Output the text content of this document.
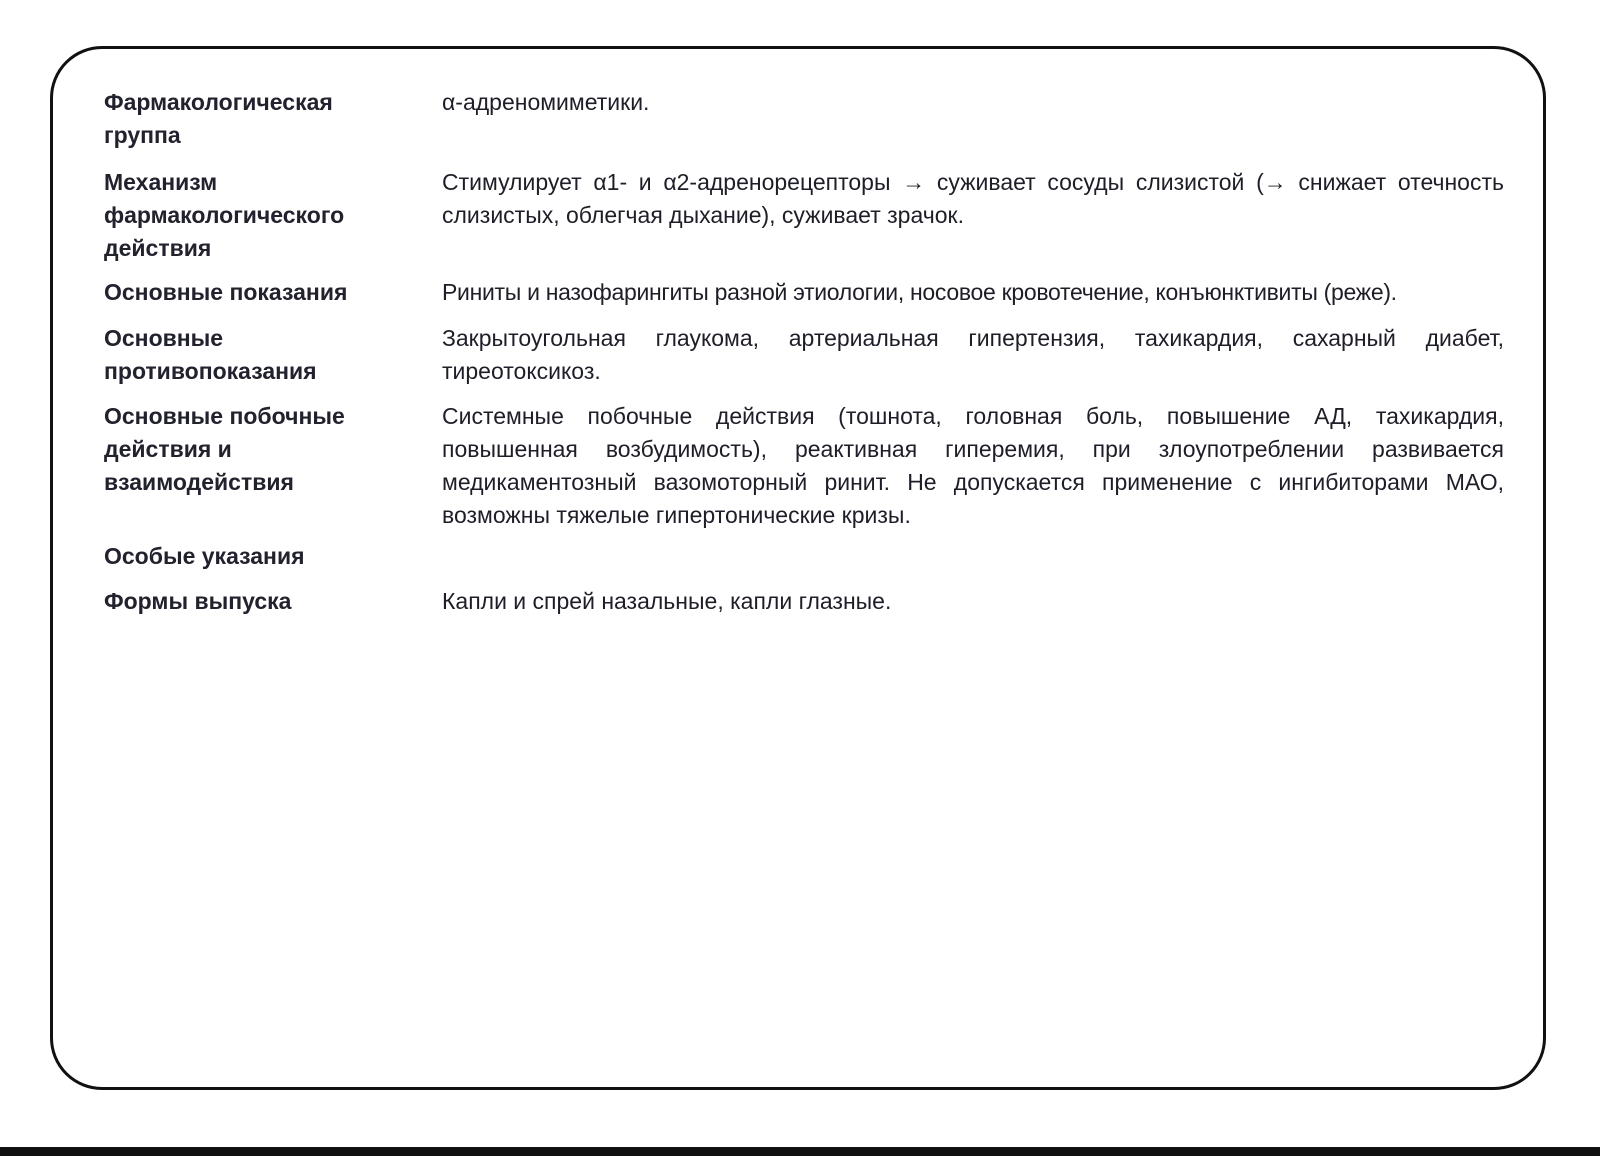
Фармакологическая группа
α-адреномиметики.
Механизм фармакологического действия
Стимулирует α1- и α2-адренорецепторы → суживает сосуды слизистой (→ снижает отечность слизистых, облегчая дыхание), суживает зрачок.
Основные показания	Риниты и назофарингиты разной этиологии, носовое кровотечение, конъюнктивиты (реже).
Основные противопоказания
Закрытоугольная глаукома, артериальная гипертензия, тахикардия, сахарный диабет, тиреотоксикоз.
Основные побочные действия и взаимодействия
Системные побочные действия (тошнота, головная боль, повышение АД, тахикардия, повышенная возбудимость), реактивная гиперемия, при злоупотреблении развивается медикаментозный вазомоторный ринит. Не допускается применение с ингибиторами МАО, возможны тяжелые гипертонические кризы.
Особые указания
Формы выпуска	Капли и спрей назальные, капли глазные.
